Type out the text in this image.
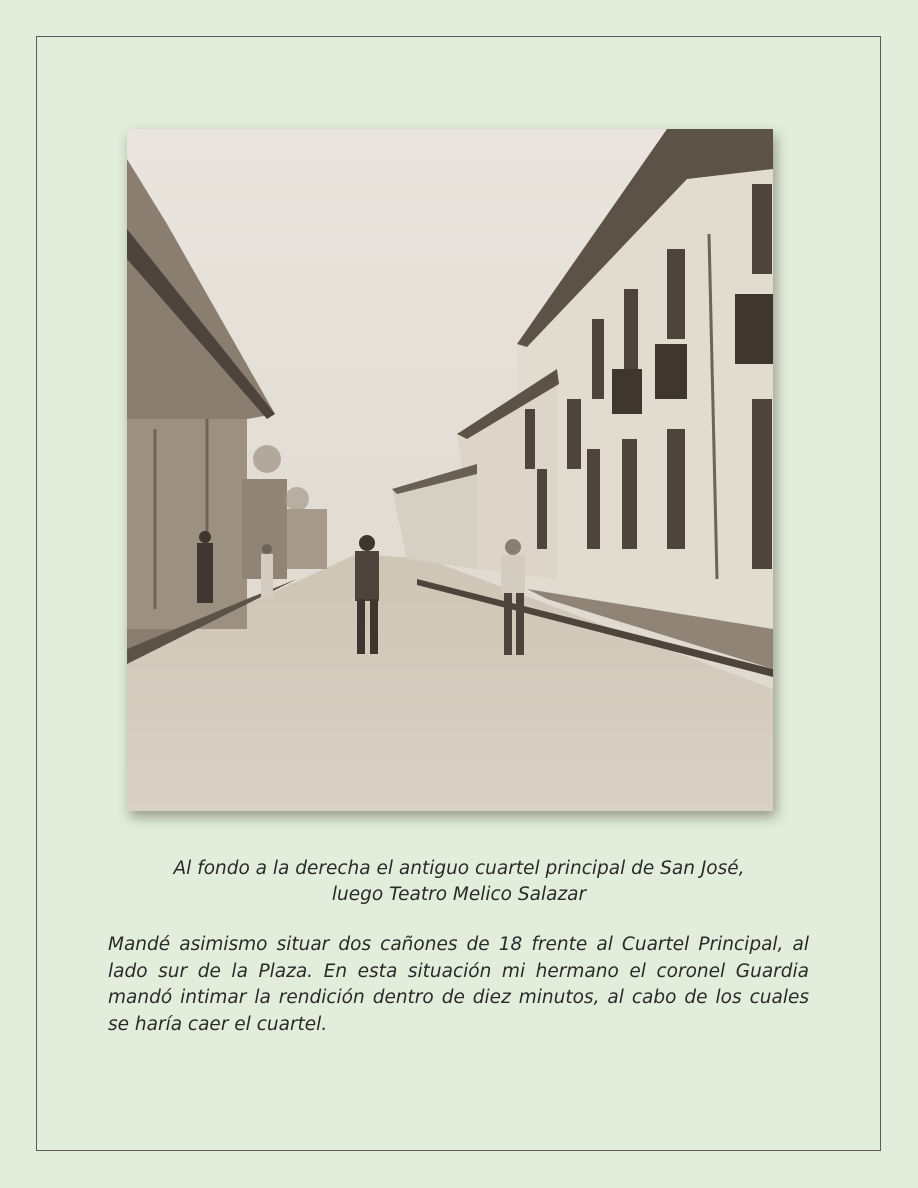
Al fondo a la derecha el antiguo cuartel principal de San José,
luego Teatro Melico Salazar
Mandé asimismo situar dos cañones de 18 frente al Cuartel Principal, al lado sur de la Plaza. En esta situación mi hermano el coronel Guardia mandó intimar la rendición dentro de diez minutos, al cabo de los cuales se haría caer el cuartel.
